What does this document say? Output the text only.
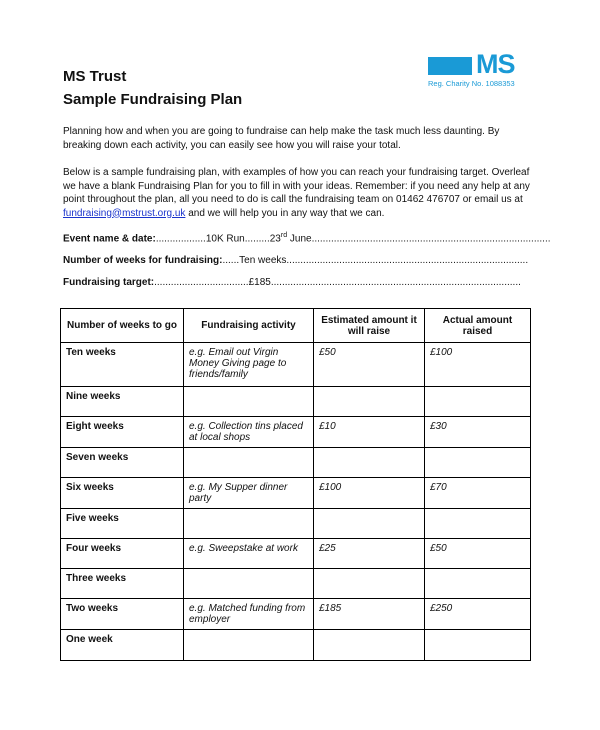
MS
Reg. Charity No. 1088353
MS Trust
Sample Fundraising Plan
Planning how and when you are going to fundraise can help make the task much less daunting. By breaking down each activity, you can easily see how you will raise your total.
Below is a sample fundraising plan, with examples of how you can reach your fundraising target. Overleaf we have a blank Fundraising Plan for you to fill in with your ideas. Remember: if you need any help at any point throughout the plan, all you need to do is call the fundraising team on 01462 476707 or email us at fundraising@mstrust.org.uk and we will help you in any way that we can.
Event name & date:..................10K Run.........23rd June......................................................................................
Number of weeks for fundraising:......Ten weeks.......................................................................................
Fundraising target:..................................£185..........................................................................................
Number of weeks to go	Fundraising activity	Estimated amount it will raise	Actual amount raised
Ten weeks	e.g. Email out Virgin Money Giving page to friends/family	£50	£100
Nine weeks			
Eight weeks	e.g. Collection tins placed at local shops	£10	£30
Seven weeks			
Six weeks	e.g. My Supper dinner party	£100	£70
Five weeks			
Four weeks	e.g. Sweepstake at work	£25	£50
Three weeks			
Two weeks	e.g. Matched funding from employer	£185	£250
One week			
